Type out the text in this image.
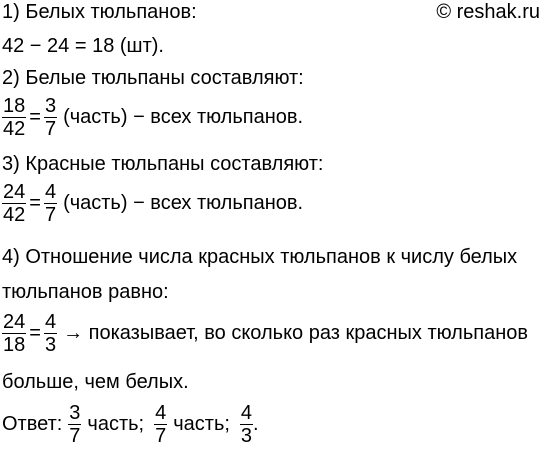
© reshak.ru
1) Белых тюльпанов:
42 − 24 = 18 (шт).
2) Белые тюльпаны составляют:
$\frac{18}{42} = \frac{3}{7}$ (часть) − всех тюльпанов.
3) Красные тюльпаны составляют:
$\frac{24}{42} = \frac{4}{7}$ (часть) − всех тюльпанов.
4) Отношение числа красных тюльпанов к числу белых
тюльпанов равно:
$\frac{24}{18} = \frac{4}{3}$ → показывает, во сколько раз красных тюльпанов
больше, чем белых.
Ответ: $\frac{3}{7}$ часть; $\frac{4}{7}$ часть; $\frac{4}{3}$ .
